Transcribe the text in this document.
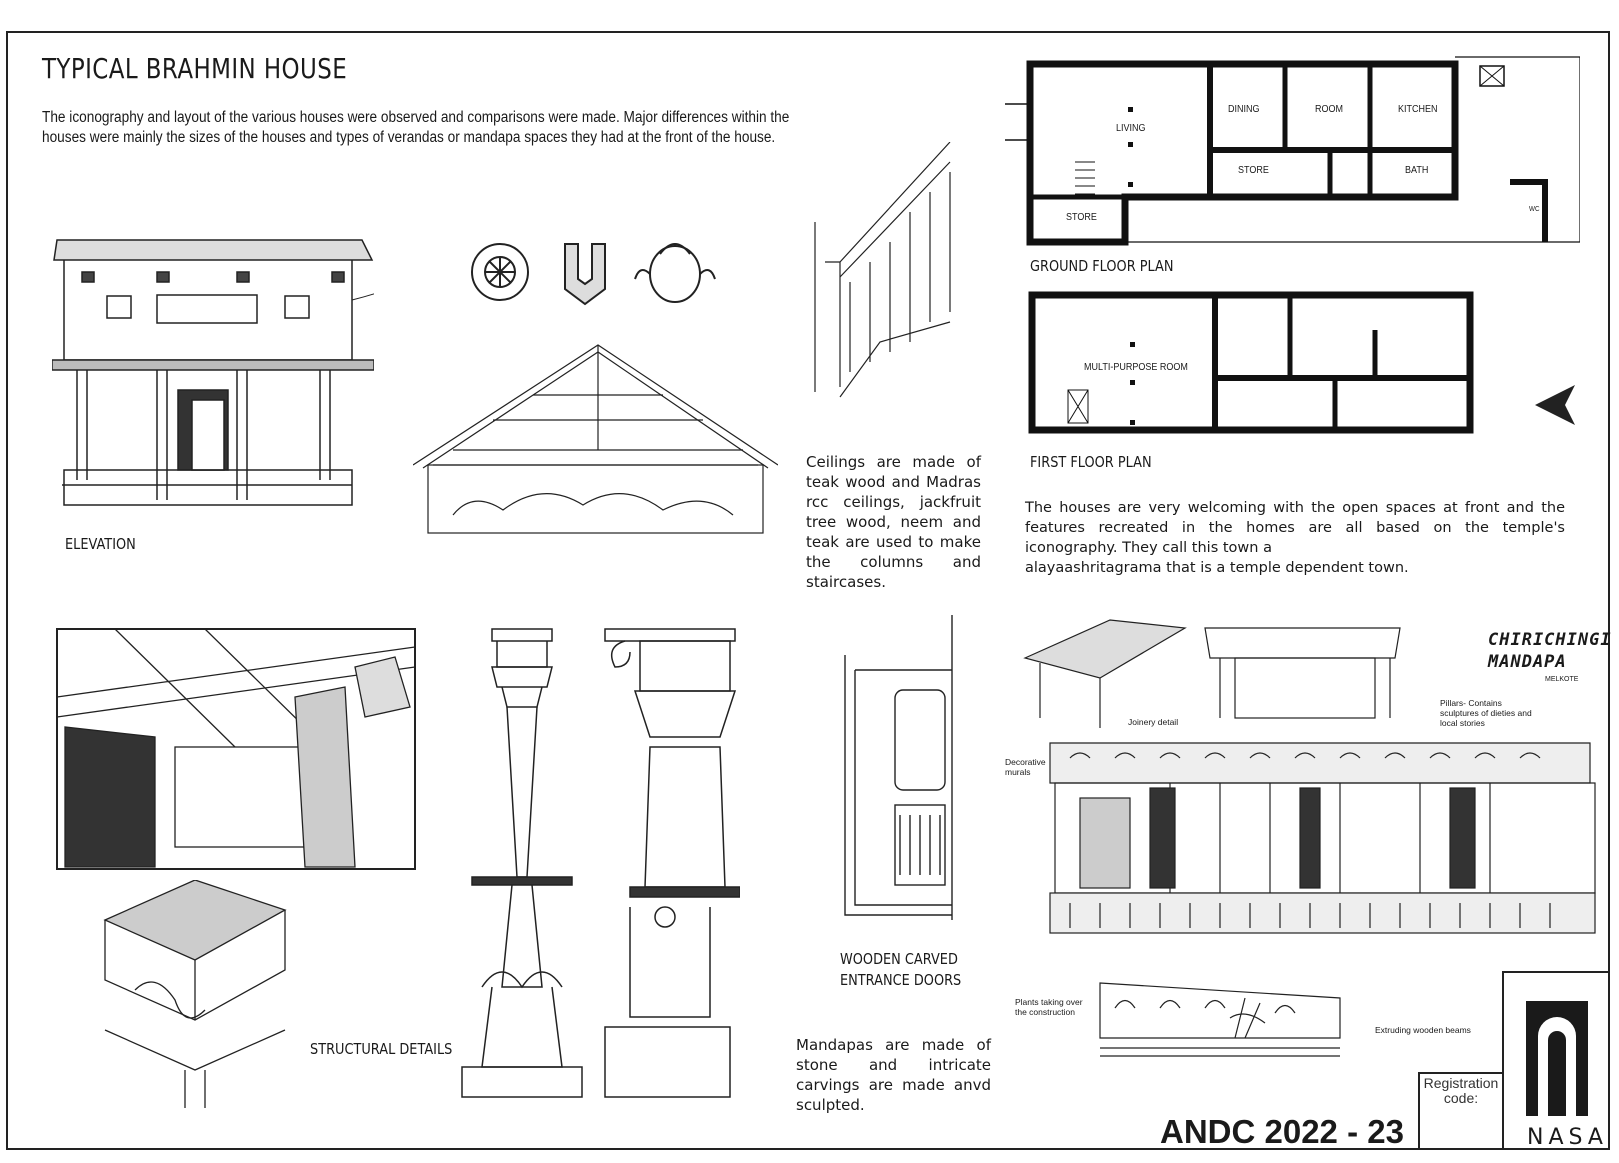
TYPICAL BRAHMIN HOUSE
The iconography and layout of the various houses were observed and comparisons were made. Major differences within the houses were mainly the sizes of the houses and types of verandas or mandapa spaces they had at the front of the house.
ELEVATION
Ceilings are made of teak wood and Madras rcc ceilings, jackfruit tree wood, neem and teak are used to make the columns and staircases.
LIVING
DINING	ROOM	KITCHEN
STORE	BATH
STORE
WC
GROUND FLOOR PLAN
MULTI-PURPOSE ROOM
FIRST FLOOR PLAN
The houses are very welcoming with the open spaces at front and the features recreated in the homes are all based on the temple's iconography. They call this town a
alayaashritagrama that is a temple dependent town.
STRUCTURAL DETAILS
WOODEN CARVED
ENTRANCE DOORS
Mandapas are made of stone and intricate carvings are made anvd sculpted.
CHIRICHINGI
MANDAPA
MELKOTE
Joinery detail
Pillars- Contains sculptures of dieties and local stories
Decorative murals
Plants taking over the construction
Extruding wooden beams
Registration code:
ANDC 2022 - 23	NASA
